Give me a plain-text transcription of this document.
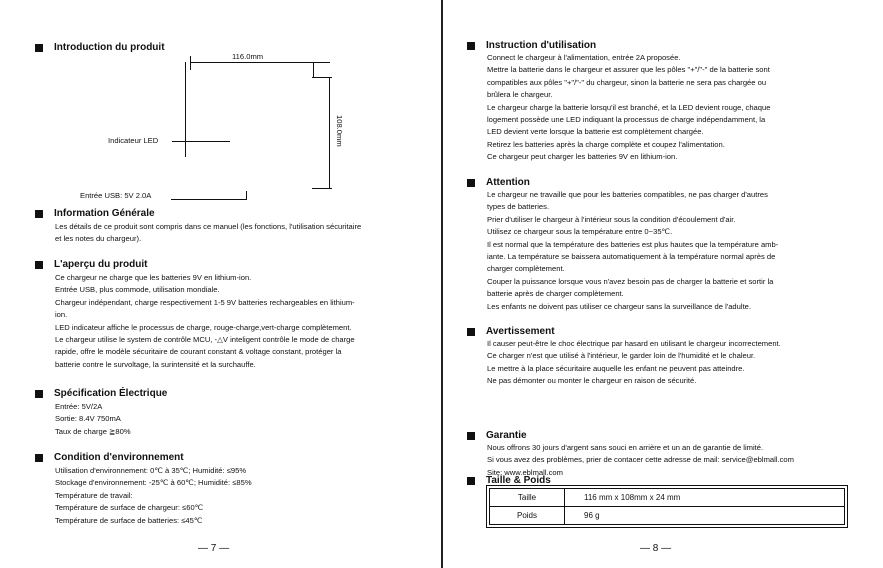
Introduction du produit
116.0mm
108.0mm
Indicateur LED
Entrée USB: 5V 2.0A
Information Générale
Les détails de ce produit sont compris dans ce manuel (les fonctions, l'utilisation sécuritaire
et les notes du chargeur).
L'aperçu du produit
Ce chargeur ne charge que les batteries 9V en lithium-ion.
Entrée USB, plus commode, utilisation mondiale.
Chargeur indépendant, charge respectivement 1-5 9V batteries rechargeables en lithium-
ion.
LED indicateur affiche le processus de charge, rouge-charge,vert-charge complètement.
Le chargeur utilise le system de contrôle MCU, -△V inteligent contrôle le mode de charge
rapide, offre le modèle sécuritaire de courant constant & voltage constant, protéger la
batterie contre le survoltage, la surintensité et la surchauffe.
Spécification Électrique
Entrée: 5V/2A
Sortie: 8.4V 750mA
Taux de charge ≧80%
Condition d'environnement
Utilisation d'environnement: 0℃ à 35℃; Humidité: ≤95%
Stockage d'environnement: -25℃ à 60℃; Humidité: ≤85%
Température de travail:
Température de surface de chargeur: ≤60℃
Température de surface de batteries: ≤45℃
— 7 —
Instruction d'utilisation
Connect le chargeur à l'alimentation, entrée 2A proposée.
Mettre la batterie dans le chargeur et assurer que les pôles "+"/"-" de la batterie sont
compatibles aux pôles "+"/"-" du chargeur, sinon la batterie ne sera pas chargée ou
brûlera le chargeur.
Le chargeur charge la batterie lorsqu'il est branché, et la LED devient rouge, chaque
logement possède une LED indiquant la processus de charge indépendamment, la
LED devient verte lorsque la batterie est complètement chargée.
Retirez les batteries après la charge complète et coupez l'alimentation.
Ce chargeur peut charger les batteries 9V en lithium-ion.
Attention
Le chargeur ne travaille que pour les batteries compatibles, ne pas charger d'autres
types de batteries.
Prier d'utiliser le chargeur à l'intérieur sous la condition d'écoulement d'air.
Utilisez ce chargeur sous la température entre 0~35℃.
Il est normal que la température des batteries est plus hautes que la température amb-
iante. La température se baissera automatiquement à la température normal après de
charger complètement.
Couper la puissance lorsque vous n'avez besoin pas de charger la batterie et sortir la
batterie après de charger complètement.
Les enfants ne doivent pas utiliser ce chargeur sans la surveillance de l'adulte.
Avertissement
Il causer peut-être le choc électrique par hasard en utilisant le chargeur incorrectement.
Ce charger n'est que utilisé à l'intérieur, le garder loin de l'humidité et le chaleur.
Le mettre à la place sécuritaire auquelle les enfant ne peuvent pas atteindre.
Ne pas démonter ou monter le chargeur en raison de sécurité.
Garantie
Nous offrons 30 jours d'argent sans souci en arrière et un an de garantie de limité.
Si vous avez des problèmes, prier de contacer cette adresse de mail: service@eblmall.com
Site: www.eblmall.com
Taille & Poids
Taille	116 mm x 108mm x 24 mm
Poids	96 g
— 8 —
